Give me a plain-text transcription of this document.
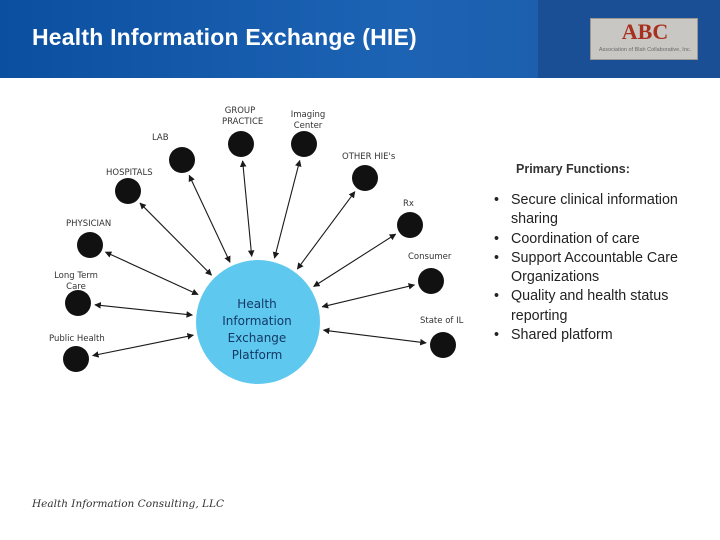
Health Information Exchange (HIE)	ABC
Association of Blah Collaborative, Inc.
Health Information Exchange Platform
GROUP PRACTICE
Imaging Center
LAB
OTHER HIE's
HOSPITALS
Rx
PHYSICIAN
Consumer
Long Term Care
State of IL
Public Health
Primary Functions:
• Secure clinical information sharing
• Coordination of care
• Support Accountable Care Organizations
• Quality and health status reporting
• Shared platform
Health Information Consulting, LLC
